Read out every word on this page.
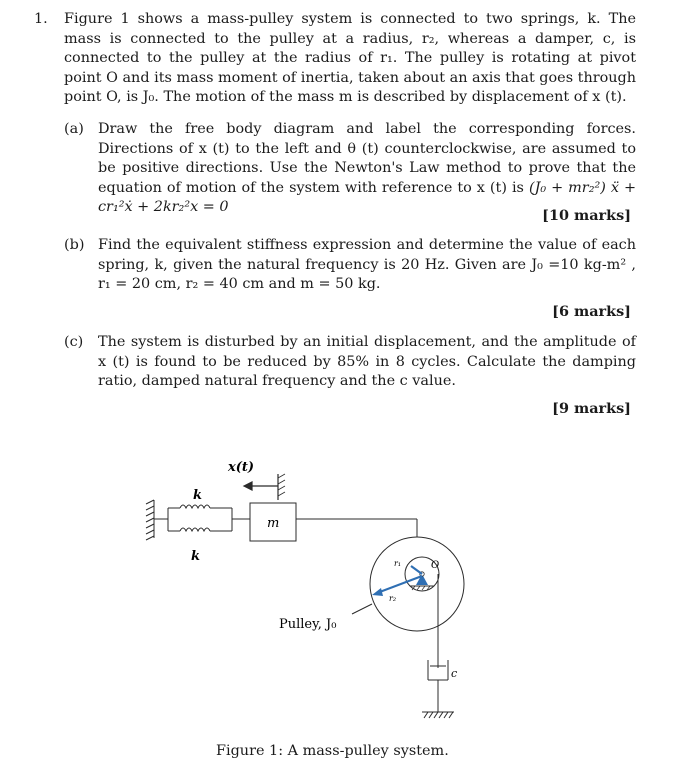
1. Figure 1 shows a mass-pulley system is connected to two springs, k. The mass is connected to the pulley at a radius, r₂, whereas a damper, c, is connected to the pulley at the radius of r₁. The pulley is rotating at pivot point O and its mass moment of inertia, taken about an axis that goes through point O, is J₀. The motion of the mass m is described by displacement of x (t).
(a) Draw the free body diagram and label the corresponding forces. Directions of x (t) to the left and θ (t) counterclockwise, are assumed to be positive directions. Use the Newton's Law method to prove that the equation of motion of the system with reference to x (t) is (J₀ + mr₂²) ẍ + cr₁²ẋ + 2kr₂²x = 0	[10 marks]
(b) Find the equivalent stiffness expression and determine the value of each spring, k, given the natural frequency is 20 Hz. Given are J₀ =10 kg-m² , r₁ = 20 cm, r₂ = 40 cm and m = 50 kg.
[6 marks]
(c) The system is disturbed by an initial displacement, and the amplitude of x (t) is found to be reduced by 85% in 8 cycles. Calculate the damping ratio, damped natural frequency and the c value.
[9 marks]
k
k
m
x(t)
O
r₁
r₂
Pulley, J₀
c
Figure 1: A mass-pulley system.
